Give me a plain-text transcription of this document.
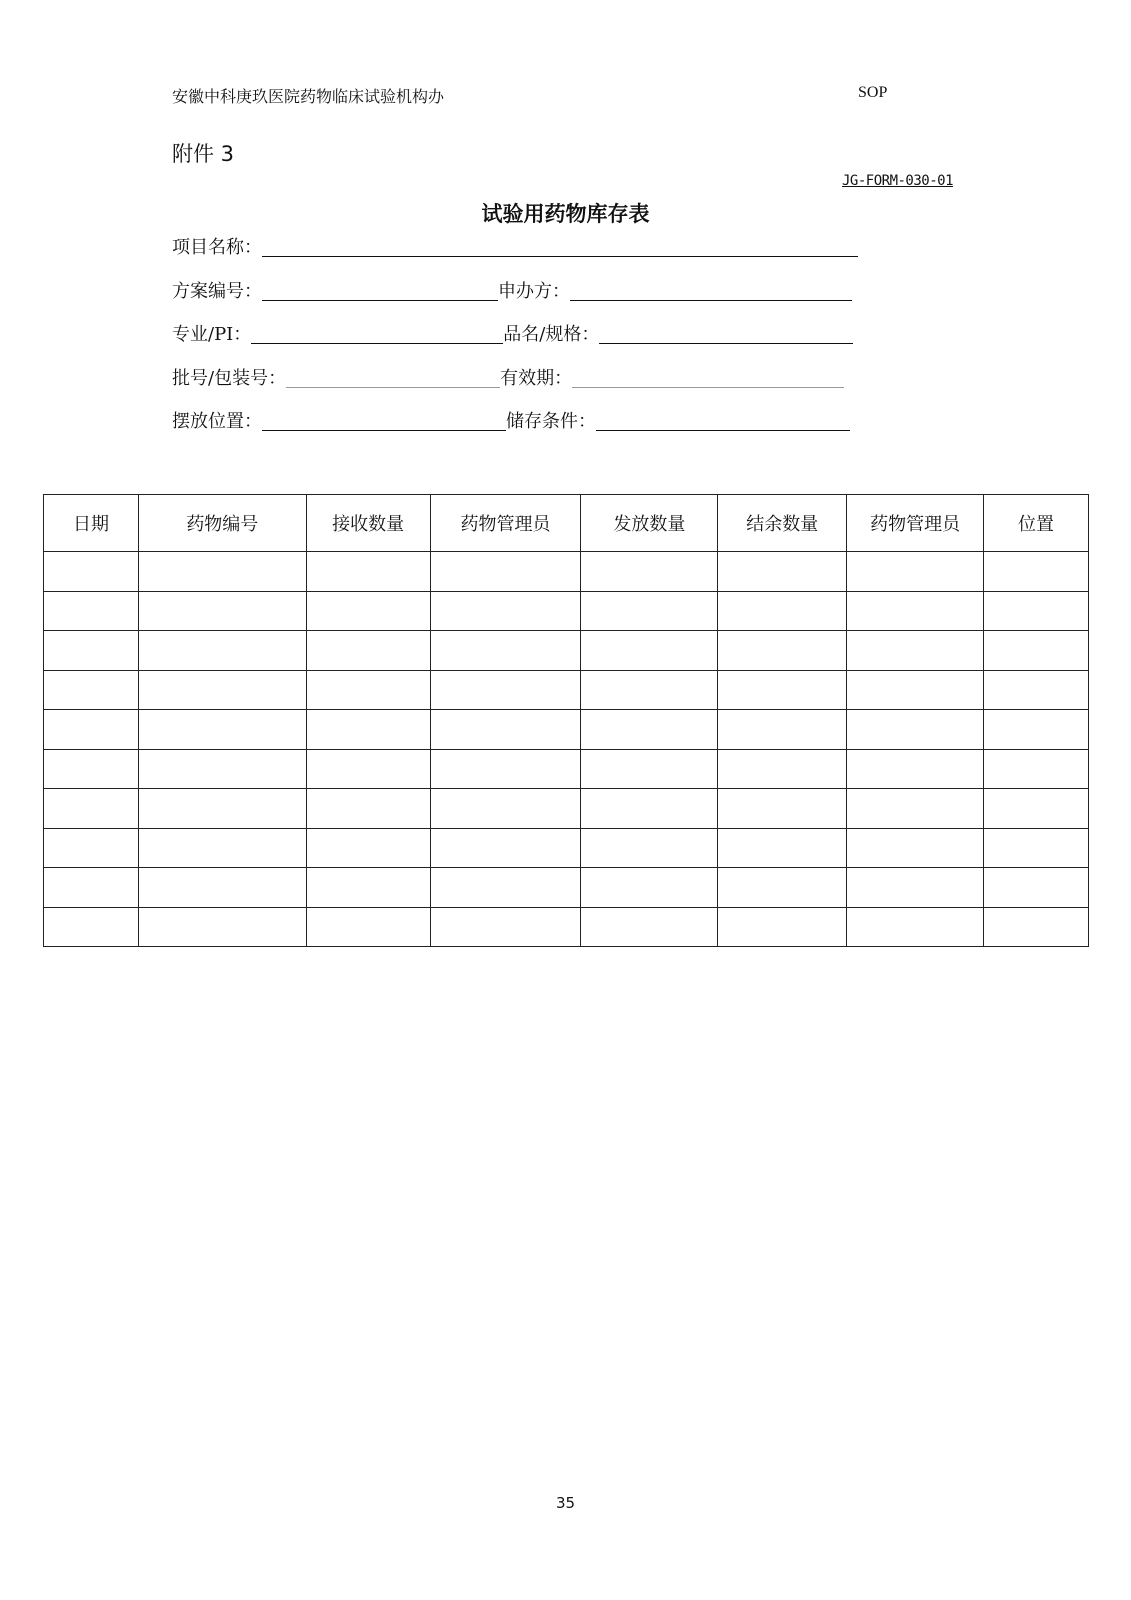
安徽中科庚玖医院药物临床试验机构办	SOP
附件 3
JG-FORM-030-01
试验用药物库存表
项目名称：
方案编号：	申办方：
专业/PI：	品名/规格：
批号/包装号：	有效期：
摆放位置：	储存条件：
日期	药物编号	接收数量	药物管理员	发放数量	结余数量	药物管理员	位置

35
